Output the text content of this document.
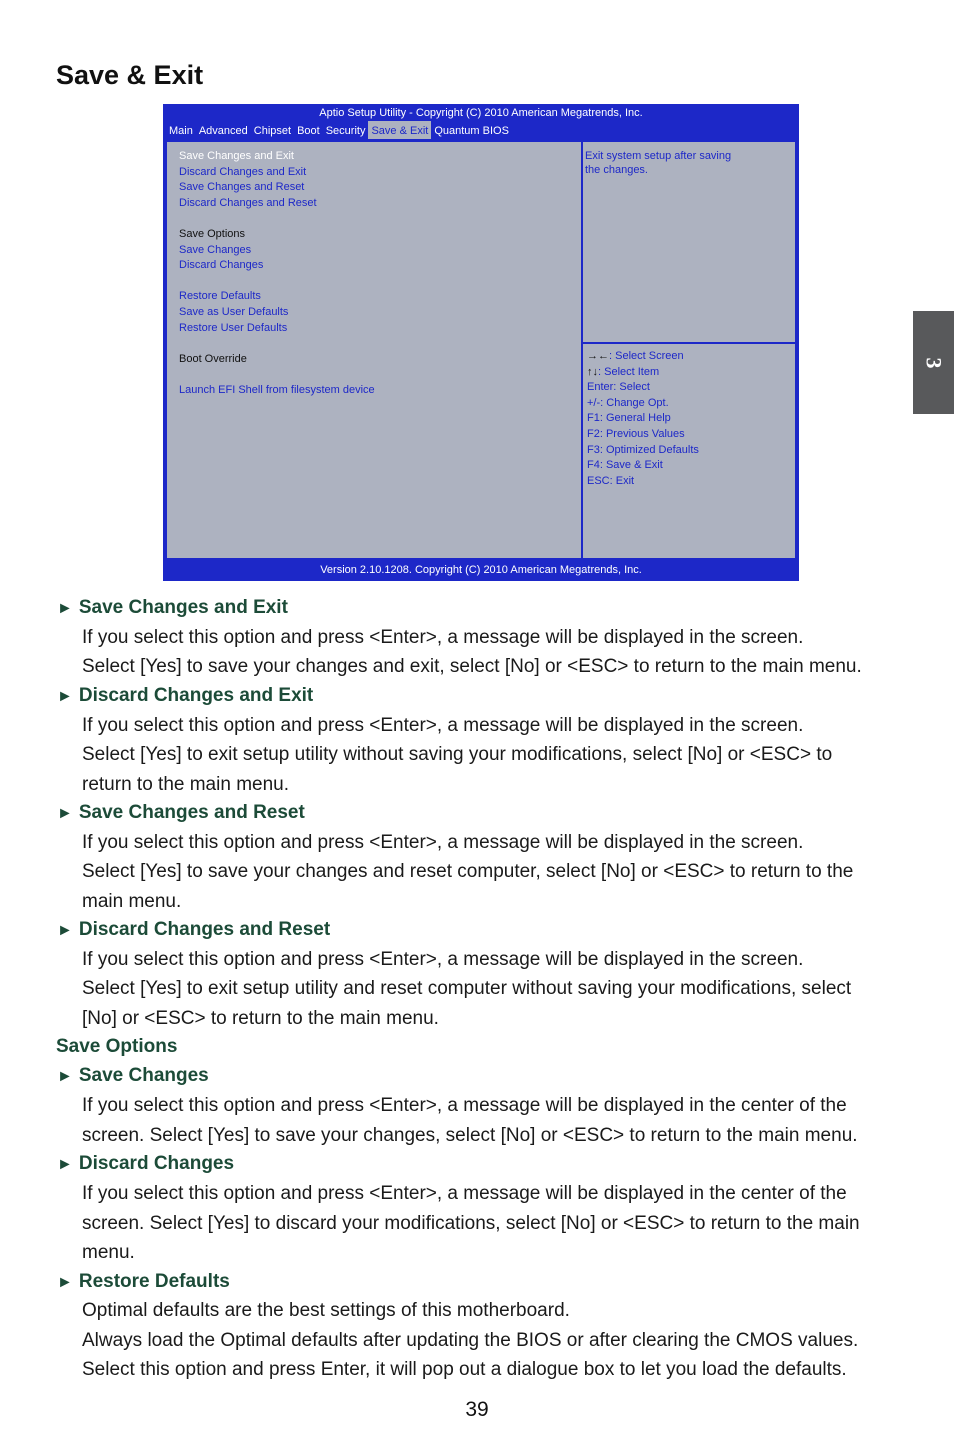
Save & Exit
3
Aptio Setup Utility - Copyright (C) 2010 American Megatrends, Inc.
Main Advanced Chipset Boot Security Save & Exit Quantum BIOS
Save Changes and Exit
Discard Changes and Exit
Save Changes and Reset
Discard Changes and Reset
Save Options
Save Changes
Discard Changes
Restore Defaults
Save as User Defaults
Restore User Defaults
Boot Override
Launch EFI Shell from filesystem device
Exit system setup after saving
the changes.
→←: Select Screen
↑↓: Select Item
Enter: Select
+/-: Change Opt.
F1: General Help
F2: Previous Values
F3: Optimized Defaults
F4: Save & Exit
ESC: Exit
Version 2.10.1208. Copyright (C) 2010 American Megatrends, Inc.
► Save Changes and Exit
If you select this option and press <Enter>, a message will be displayed in the screen.
Select [Yes] to save your changes and exit, select [No] or <ESC> to return to the main menu.
► Discard Changes and Exit
If you select this option and press <Enter>, a message will be displayed in the screen.
Select [Yes] to exit setup utility without saving your modifications, select [No] or <ESC> to
return to the main menu.
► Save Changes and Reset
If you select this option and press <Enter>, a message will be displayed in the screen.
Select [Yes] to save your changes and reset computer, select [No] or <ESC> to return to the
main menu.
► Discard Changes and Reset
If you select this option and press <Enter>, a message will be displayed in the screen.
Select [Yes] to exit setup utility and reset computer without saving your modifications, select
[No] or <ESC> to return to the main menu.
Save Options
► Save Changes
If you select this option and press <Enter>, a message will be displayed in the center of the
screen. Select [Yes] to save your changes, select [No] or <ESC> to return to the main menu.
► Discard Changes
If you select this option and press <Enter>, a message will be displayed in the center of the
screen. Select [Yes] to discard your modifications, select [No] or <ESC> to return to the main
menu.
► Restore Defaults
Optimal defaults are the best settings of this motherboard.
Always load the Optimal defaults after updating the BIOS or after clearing the CMOS values.
Select this option and press Enter, it will pop out a dialogue box to let you load the defaults.
39
